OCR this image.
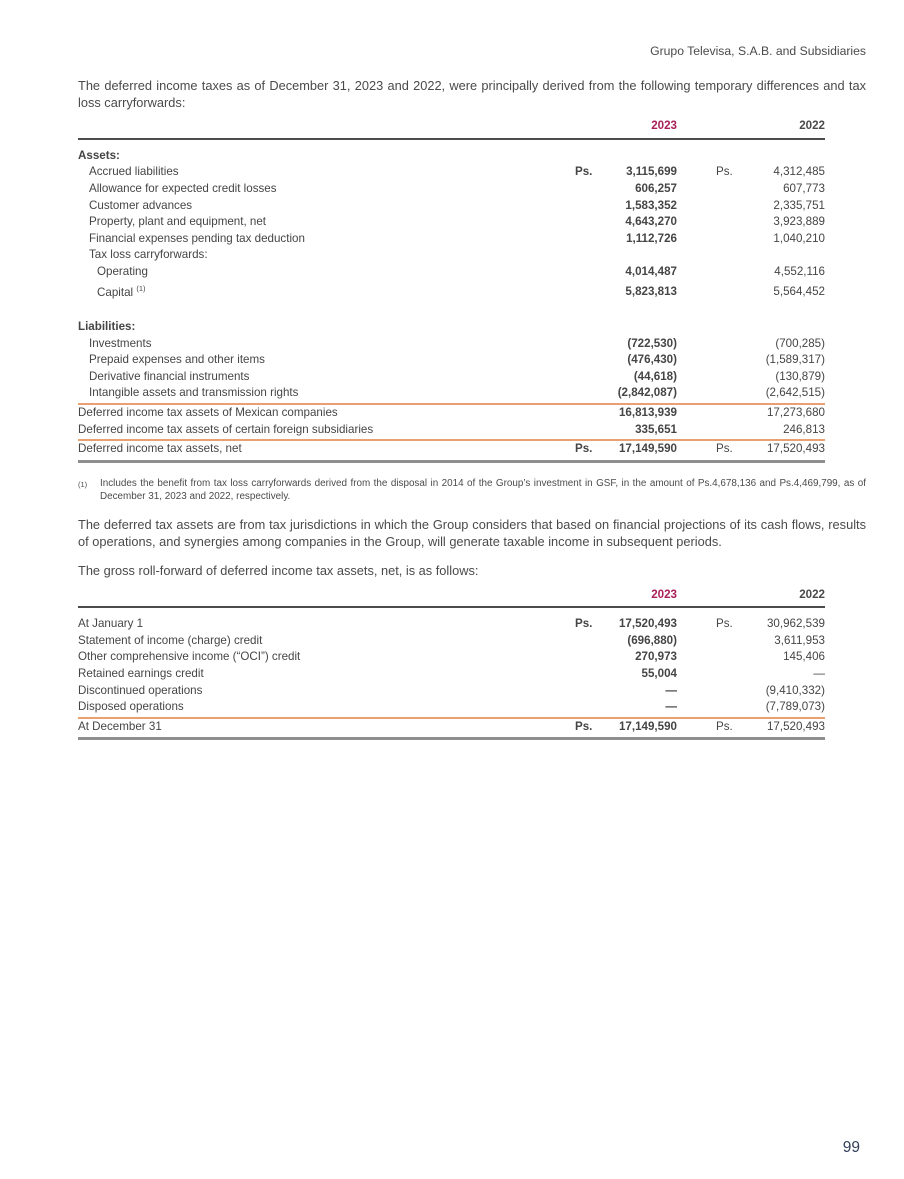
Grupo Televisa, S.A.B. and Subsidiaries

The deferred income taxes as of December 31, 2023 and 2022, were principally derived from the following temporary differences and tax loss carryforwards:

2023	2022
Assets:
Accrued liabilities	Ps.	3,115,699	Ps.	4,312,485
Allowance for expected credit losses	606,257	607,773
Customer advances	1,583,352	2,335,751
Property, plant and equipment, net	4,643,270	3,923,889
Financial expenses pending tax deduction	1,112,726	1,040,210
Tax loss carryforwards:
Operating	4,014,487	4,552,116
Capital $^{(1)}$	5,823,813	5,564,452
Liabilities:
Investments	(722,530)	(700,285)
Prepaid expenses and other items	(476,430)	(1,589,317)
Derivative financial instruments	(44,618)	(130,879)
Intangible assets and transmission rights	(2,842,087)	(2,642,515)
Deferred income tax assets of Mexican companies	16,813,939	17,273,680
Deferred income tax assets of certain foreign subsidiaries	335,651	246,813
Deferred income tax assets, net	Ps.	17,149,590	Ps.	17,520,493
(1)	Includes the benefit from tax loss carryforwards derived from the disposal in 2014 of the Group’s investment in GSF, in the amount of Ps.4,678,136 and Ps.4,469,799, as of December 31, 2023 and 2022, respectively.

The deferred tax assets are from tax jurisdictions in which the Group considers that based on financial projections of its cash flows, results of operations, and synergies among companies in the Group, will generate taxable income in subsequent periods.

The gross roll-forward of deferred income tax assets, net, is as follows:

2023	2022
At January 1	Ps.	17,520,493	Ps.	30,962,539
Statement of income (charge) credit	(696,880)	3,611,953
Other comprehensive income (“OCI”) credit	270,973	145,406
Retained earnings credit	55,004	—
Discontinued operations	—	(9,410,332)
Disposed operations	—	(7,789,073)
At December 31	Ps.	17,149,590	Ps.	17,520,493
99
